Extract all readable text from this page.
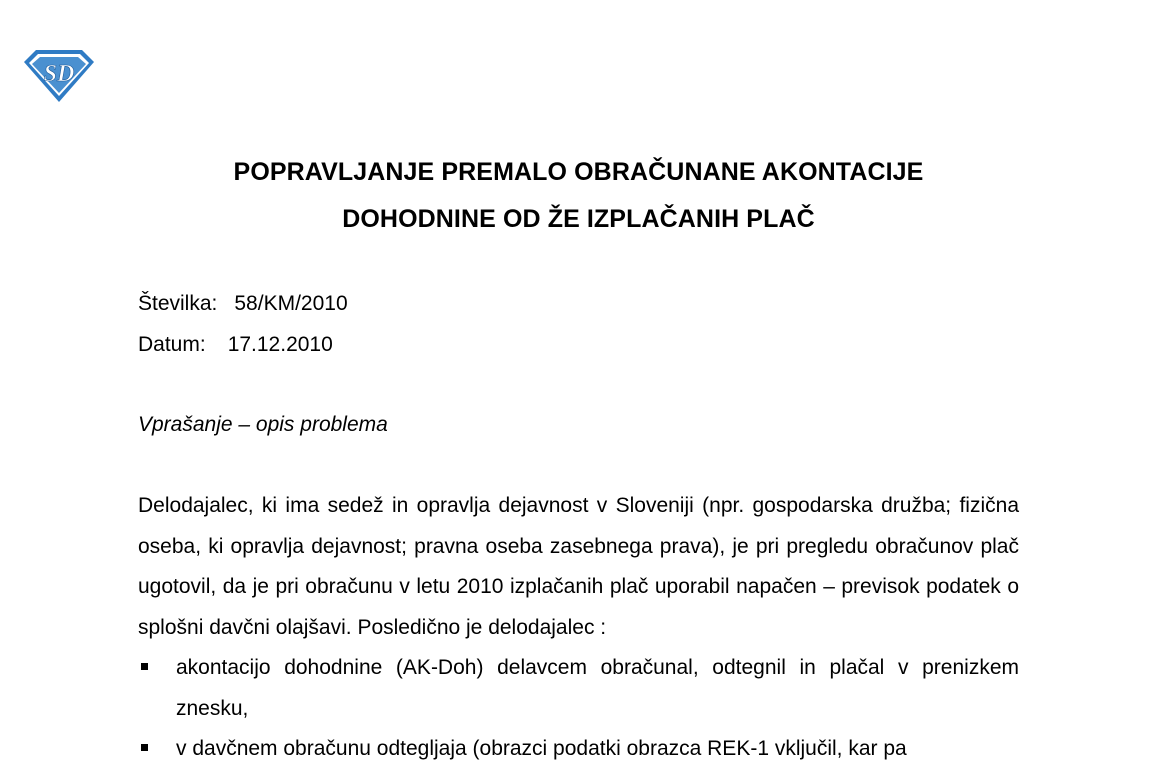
SD
POPRAVLJANJE PREMALO OBRAČUNANE AKONTACIJE
DOHODNINE OD ŽE IZPLAČANIH PLAČ
Številka: 58/KM/2010
Datum: 17.12.2010
Vprašanje – opis problema
Delodajalec, ki ima sedež in opravlja dejavnost v Sloveniji (npr. gospodarska družba; fizična oseba, ki opravlja dejavnost; pravna oseba zasebnega prava), je pri pregledu obračunov plač ugotovil, da je pri obračunu v letu 2010 izplačanih plač uporabil napačen – previsok podatek o splošni davčni olajšavi. Posledično je delodajalec :
akontacijo dohodnine (AK-Doh) delavcem obračunal, odtegnil in plačal v prenizkem znesku,
v davčnem obračunu odtegljaja (obrazci podatki obrazca REK-1 vključil, kar pa
